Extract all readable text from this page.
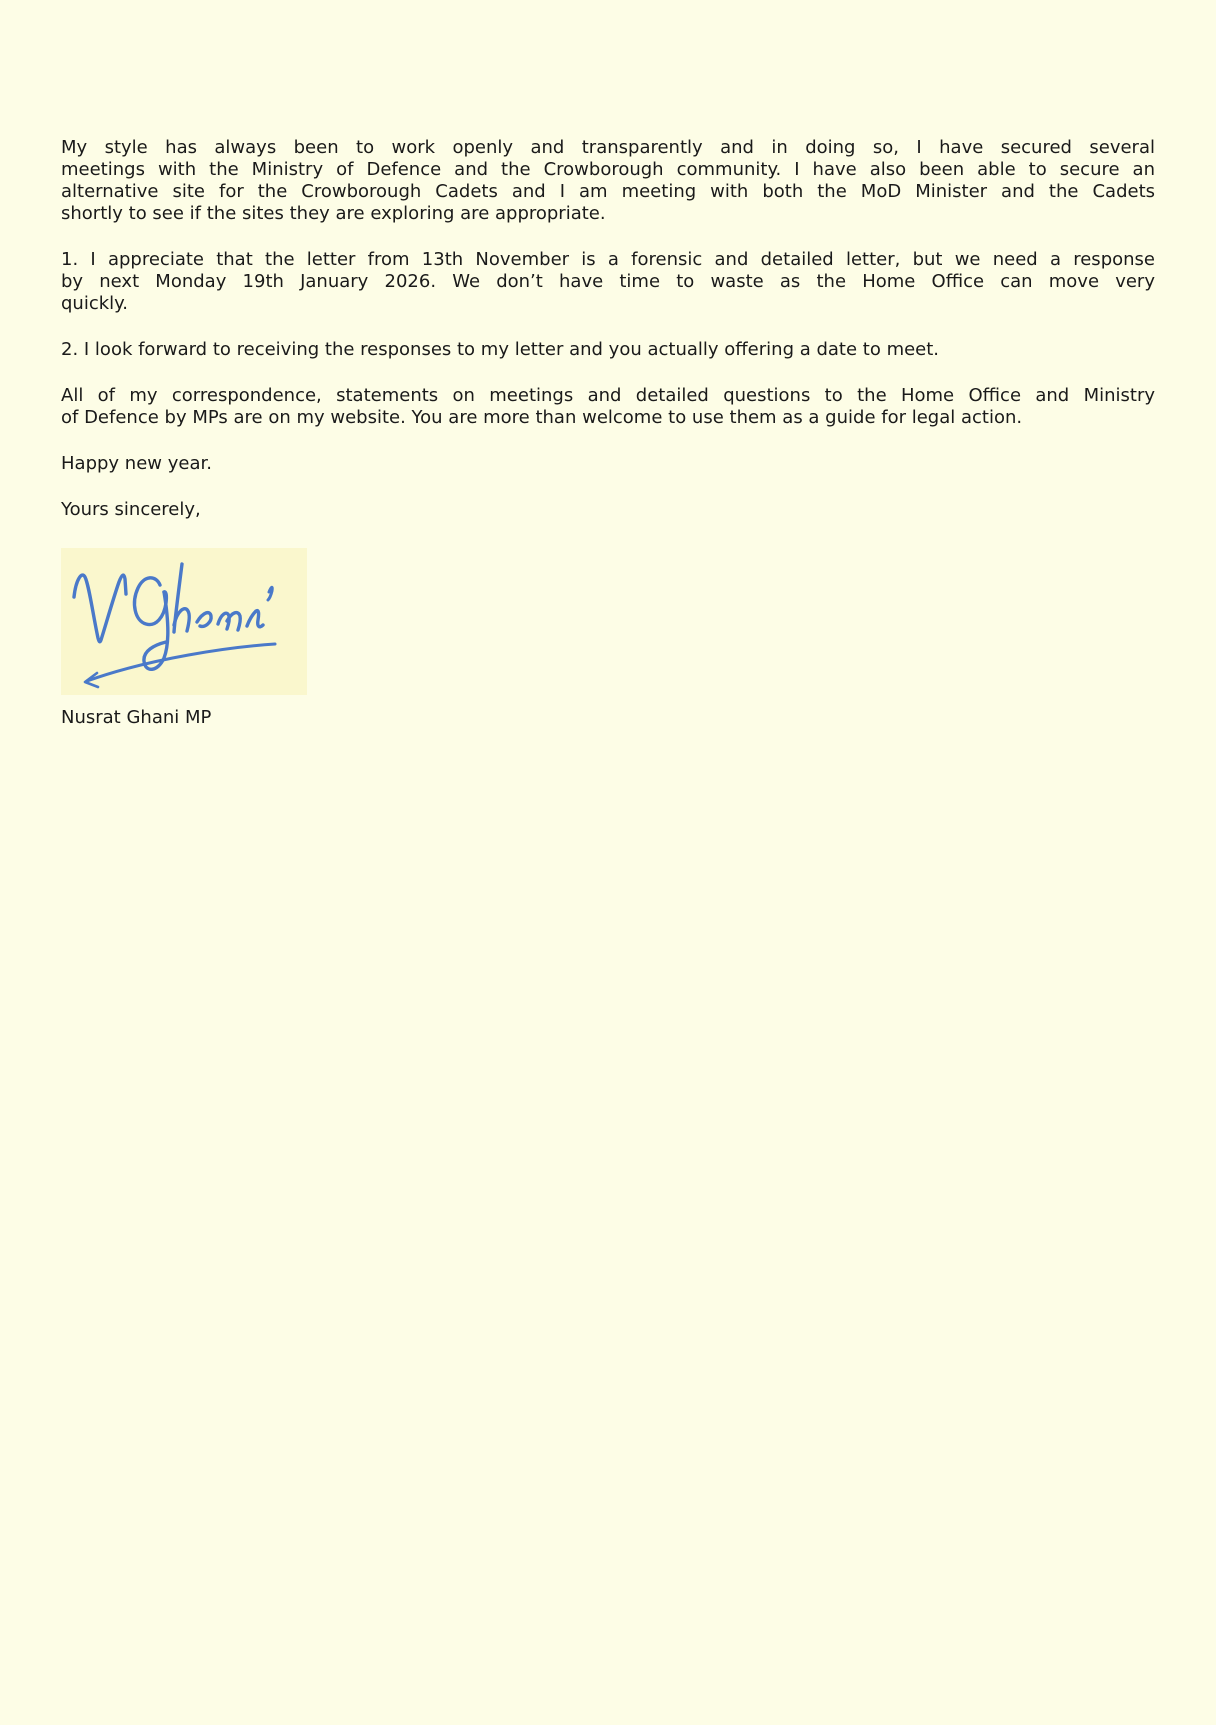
My style has always been to work openly and transparently and in doing so, I have secured several
meetings with the Ministry of Defence and the Crowborough community. I have also been able to secure an
alternative site for the Crowborough Cadets and I am meeting with both the MoD Minister and the Cadets
shortly to see if the sites they are exploring are appropriate.
1. I appreciate that the letter from 13th November is a forensic and detailed letter, but we need a response
by next Monday 19th January 2026. We don’t have time to waste as the Home Office can move very
quickly.
2. I look forward to receiving the responses to my letter and you actually offering a date to meet.
All of my correspondence, statements on meetings and detailed questions to the Home Office and Ministry
of Defence by MPs are on my website. You are more than welcome to use them as a guide for legal action.
Happy new year.
Yours sincerely,
Nusrat Ghani MP
